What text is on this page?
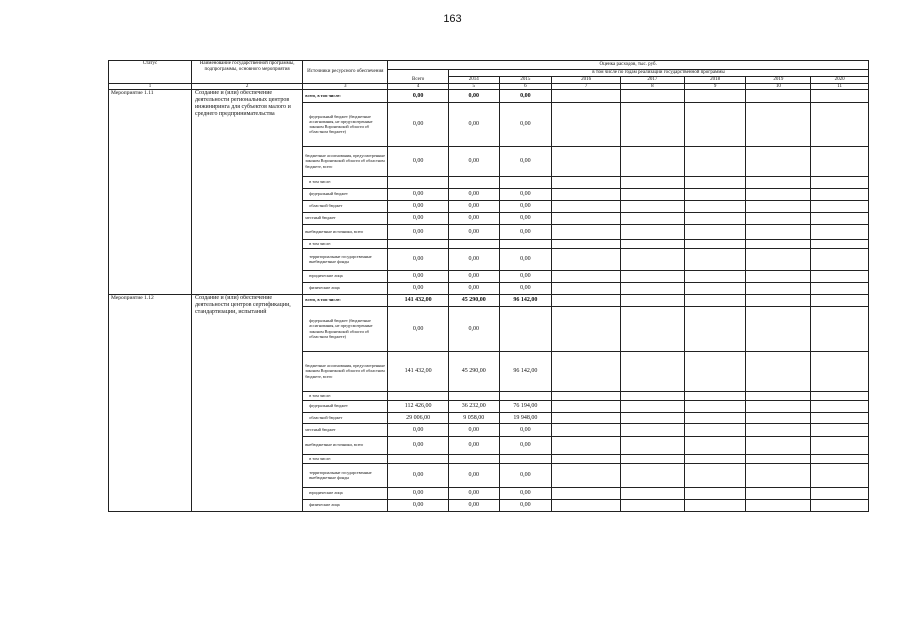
163
Статус	Наименование государственной программы, подпрограммы, основного мероприятия	Источники ресурсного обеспечения	Оценка расходов, тыс. руб.							
			Всего	в том числе по годам реализации государственной программы						
				2014	2015	2016	2017	2018	2019	2020
1	2	3	4	5	6	7	8	9	10	11
Мероприятие 1.11	Создание и (или) обеспечение деятельности региональных центров инжиниринга для субъектов малого и среднего предпринимательства	всего, в том числе:	0,00	0,00	0,00					
		федеральный бюджет (бюджетные ассигнования, не предусмотренные законом Воронежской области об областном бюджете)	0,00	0,00	0,00					
		бюджетные ассигнования, предусмотренные законом Воронежской области об областном бюджете, всего	0,00	0,00	0,00					
		в том числе:								
		федеральный бюджет	0,00	0,00	0,00					
		областной бюджет	0,00	0,00	0,00					
		местный бюджет	0,00	0,00	0,00					
		внебюджетные источники, всего	0,00	0,00	0,00					
		в том числе:								
		территориальные государственные внебюджетные фонды	0,00	0,00	0,00					
		юридические лица	0,00	0,00	0,00					
		физические лица	0,00	0,00	0,00					
Мероприятие 1.12	Создание и (или) обеспечение деятельности центров сертификации, стандартизации, испытаний	всего, в том числе:	141 432,00	45 290,00	96 142,00					
		федеральный бюджет (бюджетные ассигнования, не предусмотренные законом Воронежской области об областном бюджете)	0,00	0,00						
		бюджетные ассигнования, предусмотренные законом Воронежской области об областном бюджете, всего	141 432,00	45 290,00	96 142,00					
		в том числе:								
		федеральный бюджет	112 426,00	36 232,00	76 194,00					
		областной бюджет	29 006,00	9 058,00	19 948,00					
		местный бюджет	0,00	0,00	0,00					
		внебюджетные источники, всего	0,00	0,00	0,00					
		в том числе:								
		территориальные государственные внебюджетные фонды	0,00	0,00	0,00					
		юридические лица	0,00	0,00	0,00					
		физические лица	0,00	0,00	0,00					
